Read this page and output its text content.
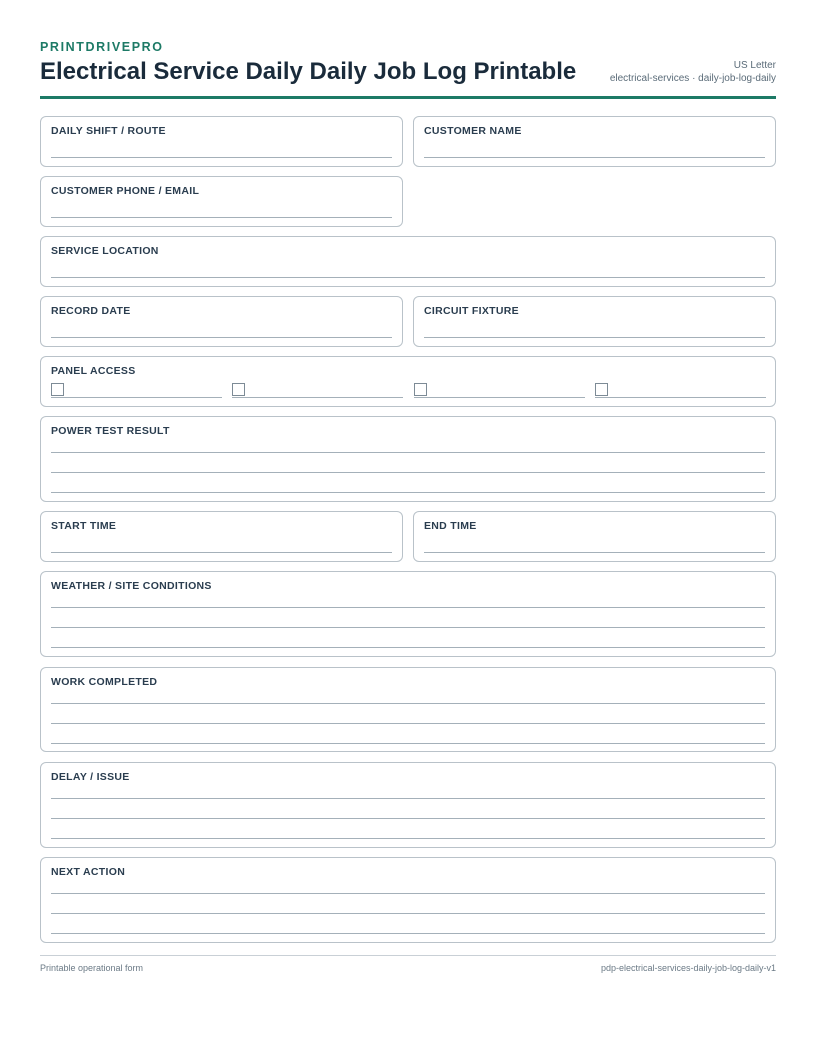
PRINTDRIVEPRO
Electrical Service Daily Daily Job Log Printable	US Letter
electrical-services · daily-job-log-daily
DAILY SHIFT / ROUTE	CUSTOMER NAME
CUSTOMER PHONE / EMAIL
SERVICE LOCATION
RECORD DATE	CIRCUIT FIXTURE
PANEL ACCESS
POWER TEST RESULT
START TIME	END TIME
WEATHER / SITE CONDITIONS
WORK COMPLETED
DELAY / ISSUE
NEXT ACTION
Printable operational form	pdp-electrical-services-daily-job-log-daily-v1
